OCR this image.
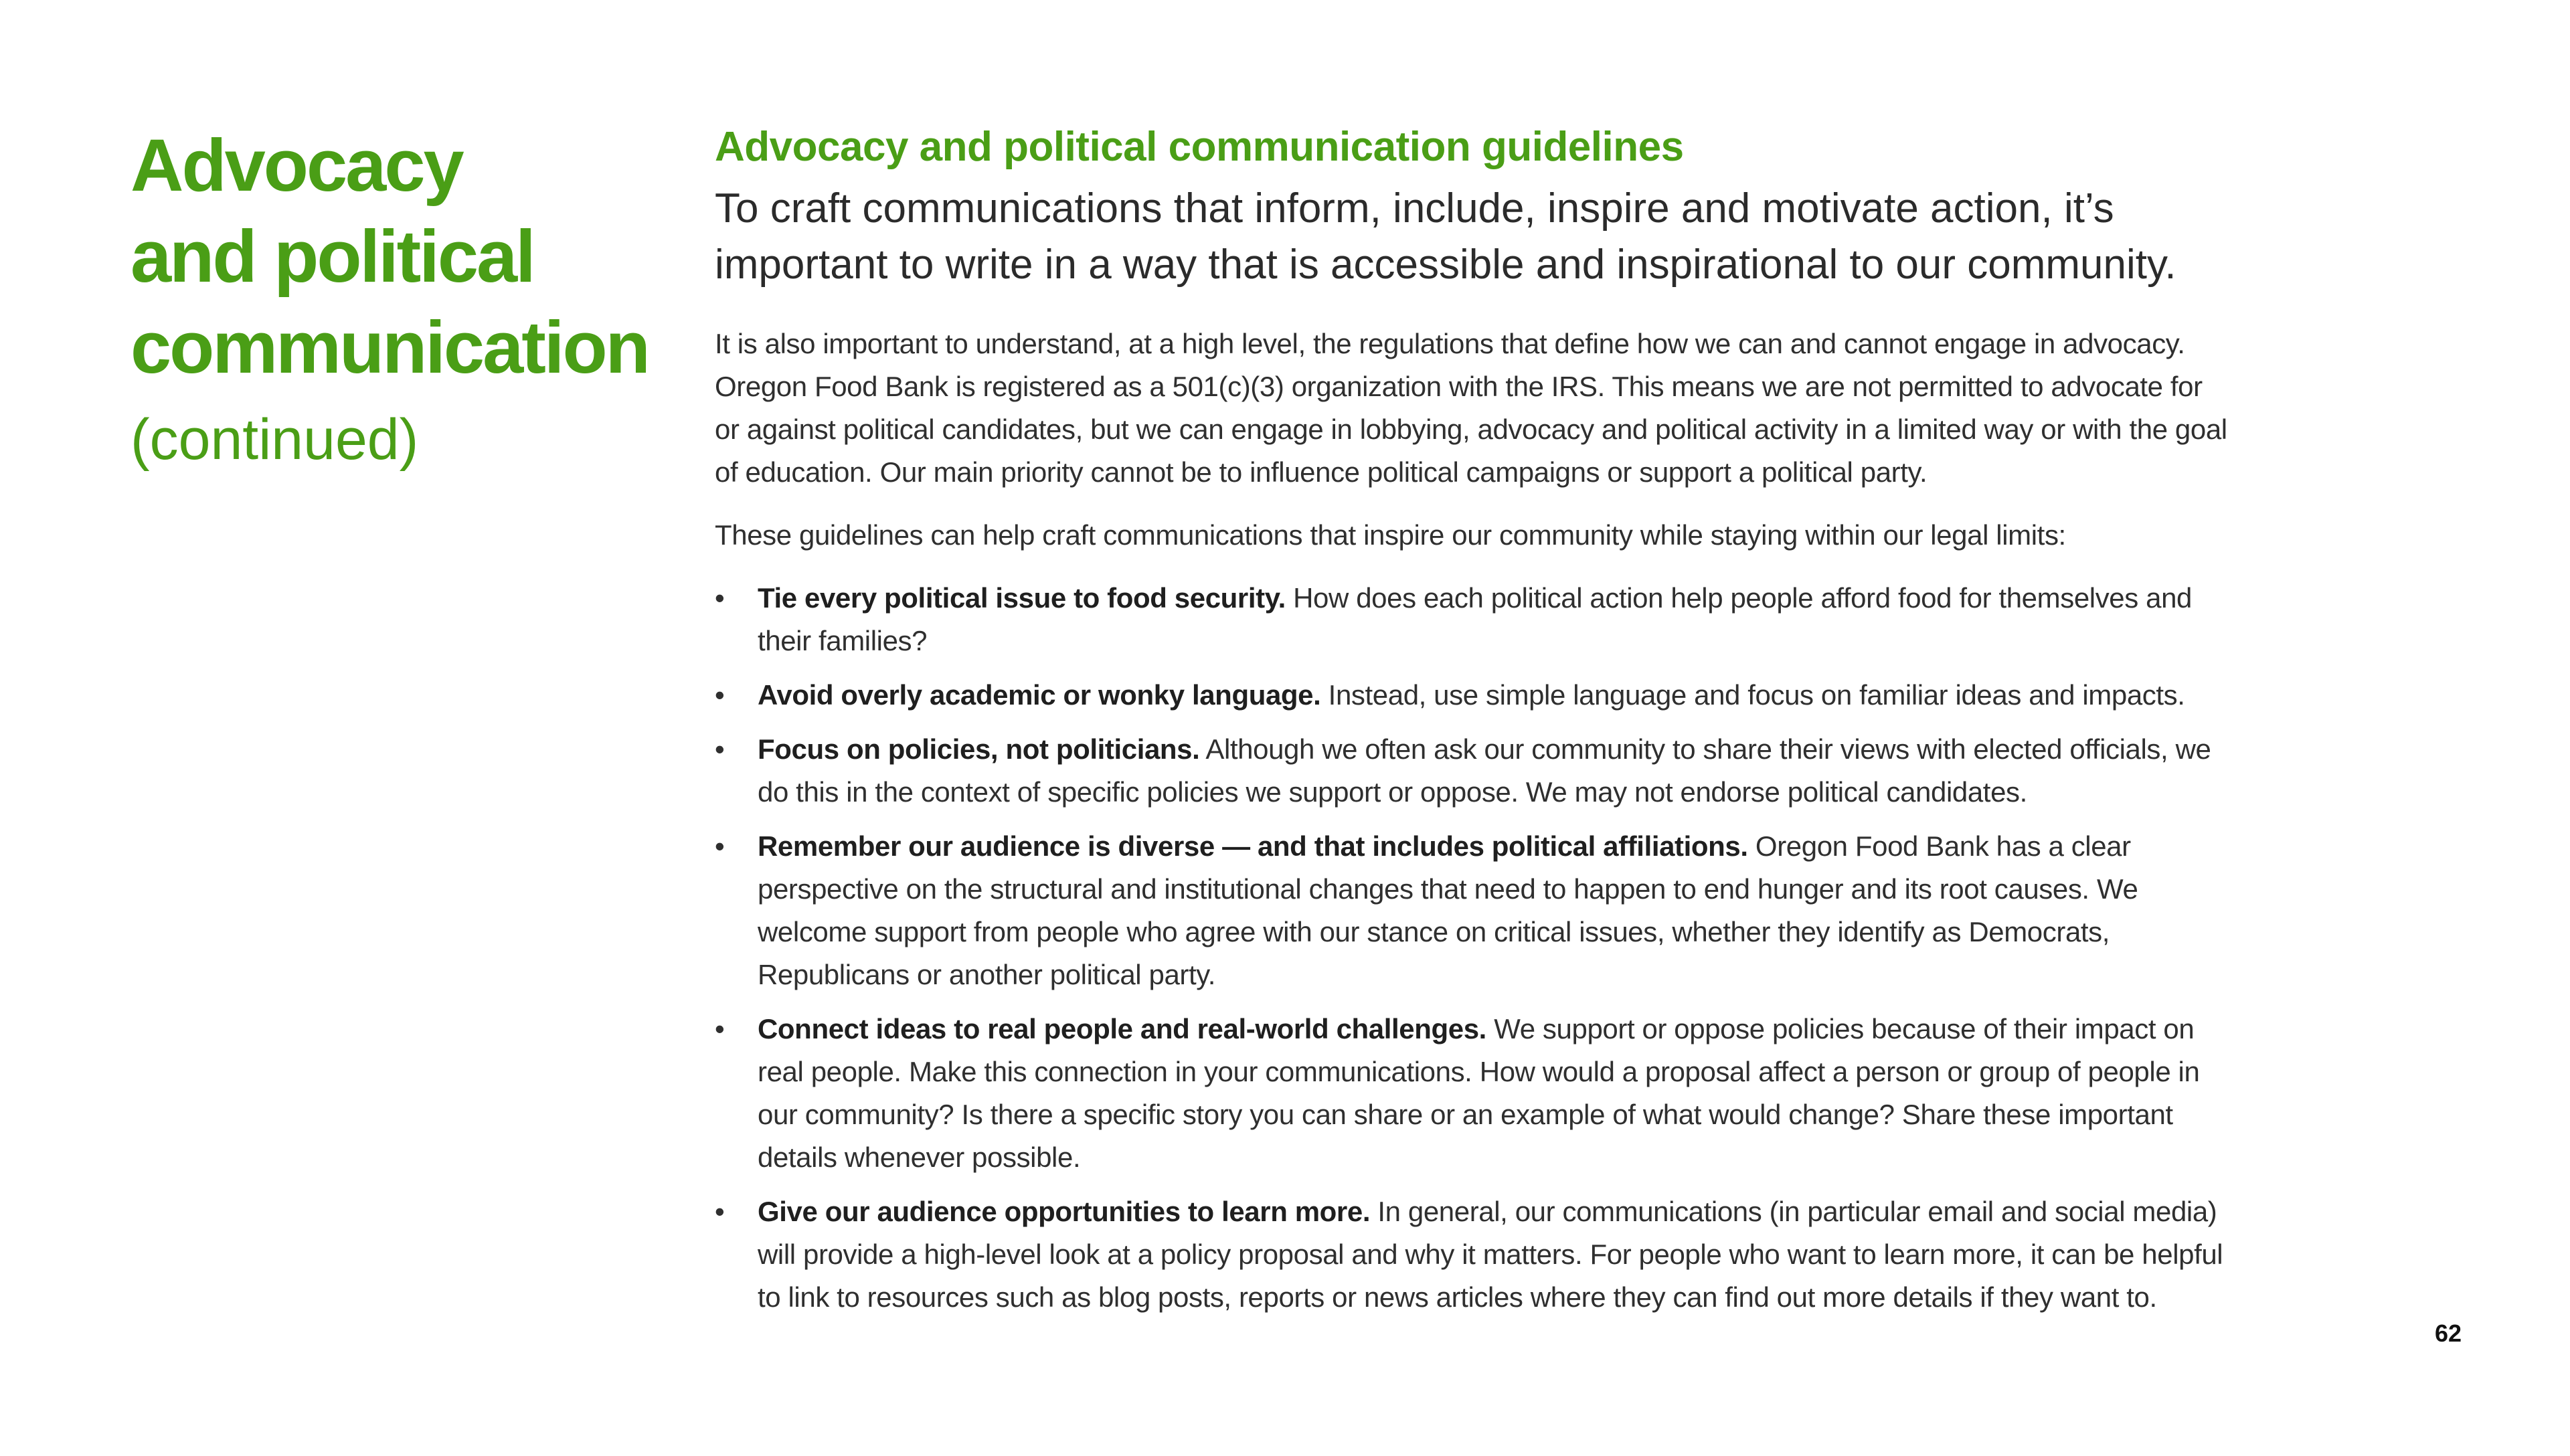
Advocacy
and political
communication
(continued)
Advocacy and political communication guidelines

To craft communications that inform, include, inspire and motivate action, it’s important to write in a way that is accessible and inspirational to our community.

It is also important to understand, at a high level, the regulations that define how we can and cannot engage in advocacy. Oregon Food Bank is registered as a 501(c)(3) organization with the IRS. This means we are not permitted to advocate for or against political candidates, but we can engage in lobbying, advocacy and political activity in a limited way or with the goal of education. Our main priority cannot be to influence political campaigns or support a political party.

These guidelines can help craft communications that inspire our community while staying within our legal limits:

• Tie every political issue to food security. How does each political action help people afford food for themselves and their families?
• Avoid overly academic or wonky language. Instead, use simple language and focus on familiar ideas and impacts.
• Focus on policies, not politicians. Although we often ask our community to share their views with elected officials, we do this in the context of specific policies we support or oppose. We may not endorse political candidates.
• Remember our audience is diverse — and that includes political affiliations. Oregon Food Bank has a clear perspective on the structural and institutional changes that need to happen to end hunger and its root causes. We welcome support from people who agree with our stance on critical issues, whether they identify as Democrats, Republicans or another political party.
• Connect ideas to real people and real-world challenges. We support or oppose policies because of their impact on real people. Make this connection in your communications. How would a proposal affect a person or group of people in our community? Is there a specific story you can share or an example of what would change? Share these important details whenever possible.
• Give our audience opportunities to learn more. In general, our communications (in particular email and social media) will provide a high-level look at a policy proposal and why it matters. For people who want to learn more, it can be helpful to link to resources such as blog posts, reports or news articles where they can find out more details if they want to.
62
